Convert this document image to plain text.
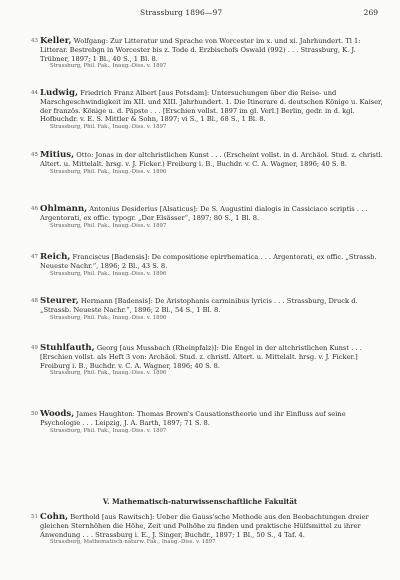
Strassburg 1896—97	269
43 Keller, Wolfgang: Zur Litteratur und Sprache von Worcester im x. und xi. Jahrhundert. Tl 1: Litterar. Bestrebgn in Worcester bis z. Tode d. Erzbischofs Oswald (992) . . . Strassburg, K. J. Trübner, 1897; 1 Bl., 40 S., 1 Bl. 8.
Strassburg, Phil. Fak., Inaug.-Diss. v. 1897
44 Ludwig, Friedrich Franz Albert [aus Potsdam]: Untersuchungen über die Reise- und Marschgeschwindigkeit im XII. und XIII. Jahrhundert. 1. Die Itinerare d. deutschen Könige u. Kaiser, der franzōs. Könige u. d. Päpste . . . [Erschien vollst. 1897 im gl. Verl.] Berlin, gedr. in d. kgl. Hofbuchdr. v. E. S. Mittler & Sohn, 1897; vi S., 1 Bl., 68 S., 1 Bl. 8.
Strassburg, Phil. Fak., Inaug.-Diss. v. 1897
45 Mitius, Otto: Jonas in der altchristlichen Kunst . . . (Erscheint vollst. in d. Archäol. Stud. z. christl. Altert. u. Mittelalt. hrsg. v. J. Ficker.) Freiburg i. B., Buchdr. v. C. A. Wagner, 1896; 40 S. 8.
Strassburg, Phil. Fak., Inaug.-Diss. v. 1896
46 Ohlmann, Antonius Desiderius [Alsaticus]: De S. Augustini dialogis in Cassiciaco scriptis . . . Argentorati, ex offic. typogr. „Der Elsässer“, 1897; 80 S., 1 Bl. 8.
Strassburg, Phil. Fak., Inaug.-Diss. v. 1897
47 Reich, Franciscus [Badensis]: De compositione epirrhematica . . . Argentorati, ex offic. „Strassb. Neueste Nachr.“, 1896; 2 Bl., 43 S. 8.
Strassburg, Phil. Fak., Inaug.-Diss. v. 1896
48 Steurer, Hermann [Badensis]: De Aristophanis carminibus lyricis . . . Strassburg, Druck d. „Strassb. Neueste Nachr.“, 1896; 2 Bl., 54 S., 1 Bl. 8.
Strassburg, Phil. Fak., Inaug.-Diss. v. 1896
49 Stuhlfauth, Georg [aus Mussbach (Rheinpfalz)]: Die Engel in der altchristlichen Kunst . . . [Erschien vollst. als Heft 3 von: Archäol. Stud. z. christl. Altert. u. Mittelalt. hrsg. v. J. Ficker.] Freiburg i. B., Buchdr. v. C. A. Wagner, 1896; 40 S. 8.
Strassburg, Phil. Fak., Inaug.-Diss. v. 1896
50 Woods, James Haughton: Thomas Brown's Causationstheorie und ihr Einfluss auf seine Psychologie . . . Leipzig, J. A. Barth, 1897; 71 S. 8.
Strassburg, Phil. Fak., Inaug.-Diss. v. 1897
V. Mathematisch-naturwissenschaftliche Fakultät
51 Cohn, Berthold [aus Rawitsch]: Ueber die Gauss'sche Methode aus den Beobachtungen dreier gleichen Sternhöhen die Höhe, Zeit und Polhöhe zu finden und praktische Hülfsmittel zu ihrer Anwendung . . . Strassburg i. E., J. Singer, Buchdr., 1897; 1 Bl., 50 S., 4 Taf. 4.
Strassburg, Mathematisch-naturw. Fak., Inaug.-Diss. v. 1897
